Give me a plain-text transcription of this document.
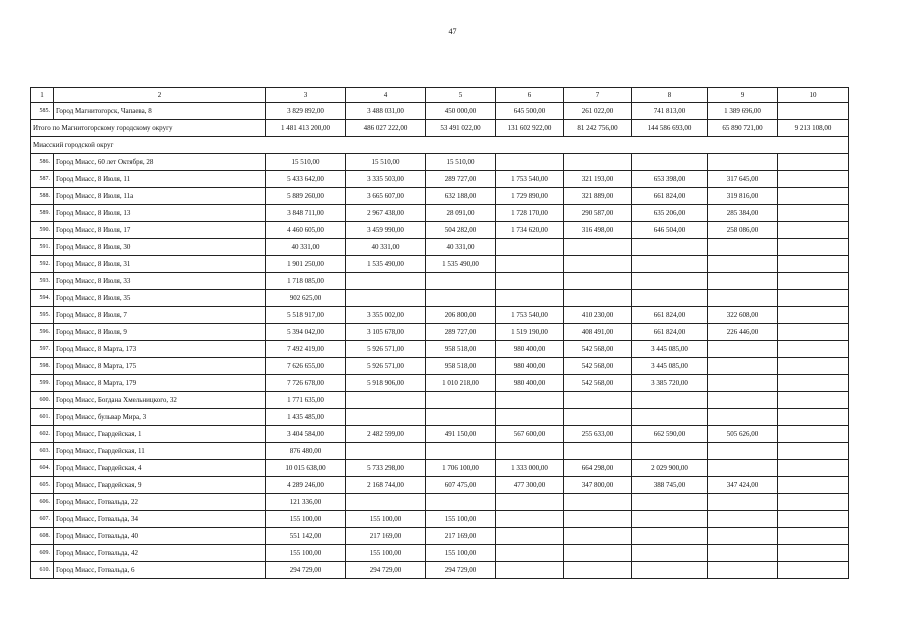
47
1	2	3	4	5	6	7	8	9	10
585.	Город Магнитогорск, Чапаева, 8	3 829 892,00	3 488 031,00	450 000,00	645 500,00	261 022,00	741 813,00	1 389 696,00	
Итого по Магнитогорскому городскому округу		1 481 413 200,00	486 027 222,00	53 491 022,00	131 602 922,00	81 242 756,00	144 586 693,00	65 890 721,00	9 213 108,00
Миасский городской округ									
586.	Город Миасс, 60 лет Октября, 28	15 510,00	15 510,00	15 510,00					
587.	Город Миасс, 8 Июля, 11	5 433 642,00	3 335 503,00	289 727,00	1 753 540,00	321 193,00	653 398,00	317 645,00	
588.	Город Миасс, 8 Июля, 11а	5 889 260,00	3 665 607,00	632 188,00	1 729 890,00	321 889,00	661 824,00	319 816,00	
589.	Город Миасс, 8 Июля, 13	3 848 711,00	2 967 438,00	28 091,00	1 728 170,00	290 587,00	635 206,00	285 384,00	
590.	Город Миасс, 8 Июля, 17	4 460 605,00	3 459 990,00	504 282,00	1 734 620,00	316 498,00	646 504,00	258 086,00	
591.	Город Миасс, 8 Июля, 30	40 331,00	40 331,00	40 331,00					
592.	Город Миасс, 8 Июля, 31	1 901 250,00	1 535 490,00	1 535 490,00					
593.	Город Миасс, 8 Июля, 33	1 718 085,00							
594.	Город Миасс, 8 Июля, 35	902 625,00							
595.	Город Миасс, 8 Июля, 7	5 518 917,00	3 355 002,00	206 800,00	1 753 540,00	410 230,00	661 824,00	322 608,00	
596.	Город Миасс, 8 Июля, 9	5 394 042,00	3 105 678,00	289 727,00	1 519 190,00	408 491,00	661 824,00	226 446,00	
597.	Город Миасс, 8 Марта, 173	7 492 419,00	5 926 571,00	958 518,00	980 400,00	542 568,00	3 445 085,00		
598.	Город Миасс, 8 Марта, 175	7 626 655,00	5 926 571,00	958 518,00	980 400,00	542 568,00	3 445 085,00		
599.	Город Миасс, 8 Марта, 179	7 726 678,00	5 918 906,00	1 010 218,00	980 400,00	542 568,00	3 385 720,00		
600.	Город Миасс, Богдана Хмельницкого, 32	1 771 635,00							
601.	Город Миасс, бульвар Мира, 3	1 435 485,00							
602.	Город Миасс, Гвардейская, 1	3 404 584,00	2 482 599,00	491 150,00	567 600,00	255 633,00	662 590,00	505 626,00	
603.	Город Миасс, Гвардейская, 11	876 480,00							
604.	Город Миасс, Гвардейская, 4	10 015 638,00	5 733 298,00	1 706 100,00	1 333 000,00	664 298,00	2 029 900,00		
605.	Город Миасс, Гвардейская, 9	4 289 246,00	2 168 744,00	607 475,00	477 300,00	347 800,00	388 745,00	347 424,00	
606.	Город Миасс, Готвальда, 22	121 336,00							
607.	Город Миасс, Готвальда, 34	155 100,00	155 100,00	155 100,00					
608.	Город Миасс, Готвальда, 40	551 142,00	217 169,00	217 169,00					
609.	Город Миасс, Готвальда, 42	155 100,00	155 100,00	155 100,00					
610.	Город Миасс, Готвальда, 6	294 729,00	294 729,00	294 729,00					
